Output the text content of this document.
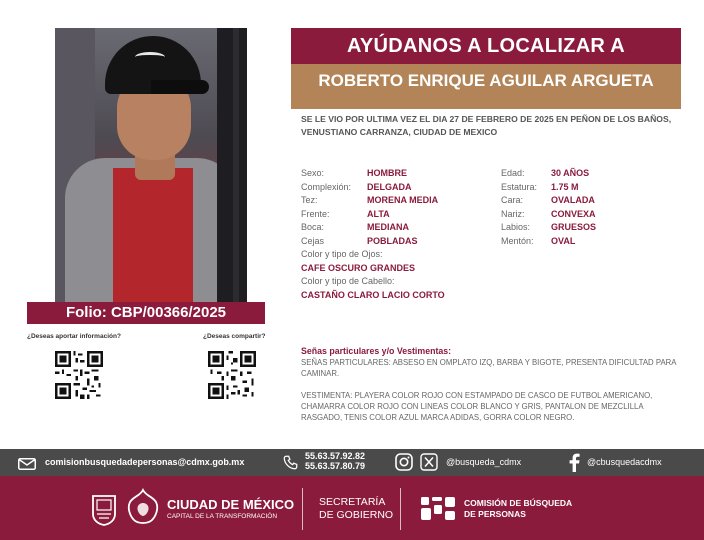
Folio: CBP/00366/2025
¿Deseas aportar información?	¿Deseas compartir?
AYÚDANOS A LOCALIZAR A
ROBERTO ENRIQUE AGUILAR ARGUETA
SE LE VIO POR ULTIMA VEZ EL DIA 27 DE FEBRERO DE 2025 EN PEÑON DE LOS BAÑOS, VENUSTIANO CARRANZA, CIUDAD DE MEXICO
Sexo:	HOMBRE
Complexión: DELGADA
Tez:	MORENA MEDIA
Frente:	ALTA
Boca:	MEDIANA
Cejas	POBLADAS
Color y tipo de Ojos:
CAFE OSCURO GRANDES
Color y tipo de Cabello:
CASTAÑO CLARO LACIO CORTO
Edad:	30 AÑOS
Estatura: 1.75 M
Cara:	OVALADA
Nariz:	CONVEXA
Labios: GRUESOS
Mentón: OVAL
Señas particulares y/o Vestimentas:
SEÑAS PARTICULARES: ABSESO EN OMPLATO IZQ, BARBA Y BIGOTE, PRESENTA DIFICULTAD PARA CAMINAR.
VESTIMENTA: PLAYERA COLOR ROJO CON ESTAMPADO DE CASCO DE FUTBOL AMERICANO, CHAMARRA COLOR ROJO CON LINEAS COLOR BLANCO Y GRIS, PANTALON DE MEZCLILLA RASGADO, TENIS COLOR AZUL MARCA ADIDAS, GORRA COLOR NEGRO.
comisionbusquedadepersonas@cdmx.gob.mx
55.63.57.92.82
55.63.57.80.79	@busqueda_cdmx	@cbusquedacdmx
CIUDAD DE MÉXICO
CAPITAL DE LA TRANSFORMACIÓN
SECRETARÍA
DE GOBIERNO
COMISIÓN DE BÚSQUEDA
DE PERSONAS
